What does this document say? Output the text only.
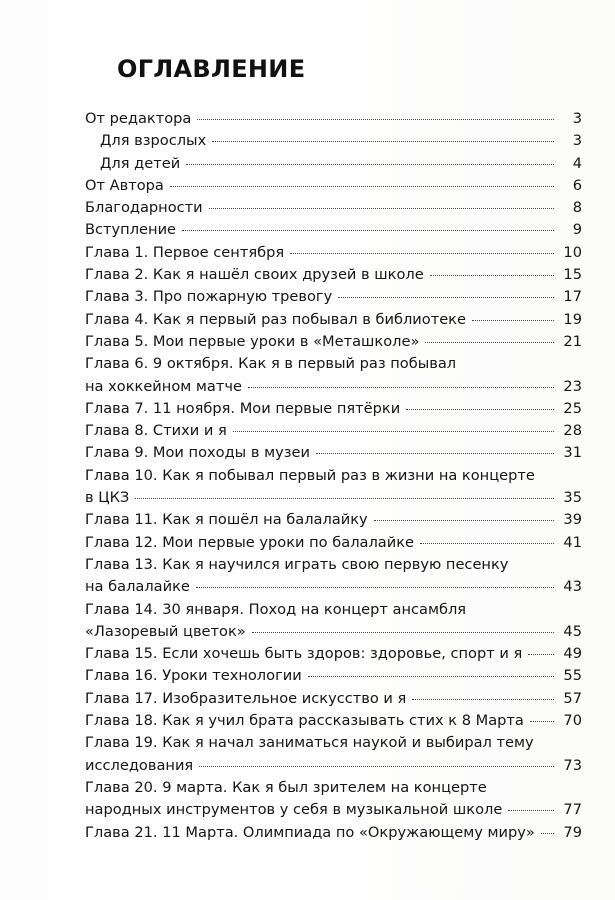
ОГЛАВЛЕНИЕ
От редактора	3
Для взрослых	3
Для детей	4
От Автора	6
Благодарности	8
Вступление	9
Глава 1. Первое сентября	10
Глава 2. Как я нашёл своих друзей в школе	15
Глава 3. Про пожарную тревогу	17
Глава 4. Как я первый раз побывал в библиотеке	19
Глава 5. Мои первые уроки в «Меташколе»	21
Глава 6. 9 октября. Как я в первый раз побывал
на хоккейном матче	23
Глава 7. 11 ноября. Мои первые пятёрки	25
Глава 8. Стихи и я	28
Глава 9. Мои походы в музеи	31
Глава 10. Как я побывал первый раз в жизни на концерте
в ЦКЗ	35
Глава 11. Как я пошёл на балалайку	39
Глава 12. Мои первые уроки по балалайке	41
Глава 13. Как я научился играть свою первую песенку
на балалайке	43
Глава 14. 30 января. Поход на концерт ансамбля
«Лазоревый цветок»	45
Глава 15. Если хочешь быть здоров: здоровье, спорт и я	49
Глава 16. Уроки технологии	55
Глава 17. Изобразительное искусство и я	57
Глава 18. Как я учил брата рассказывать стих к 8 Марта	70
Глава 19. Как я начал заниматься наукой и выбирал тему
исследования	73
Глава 20. 9 марта. Как я был зрителем на концерте
народных инструментов у себя в музыкальной школе	77
Глава 21. 11 Марта. Олимпиада по «Окружающему миру» 79
